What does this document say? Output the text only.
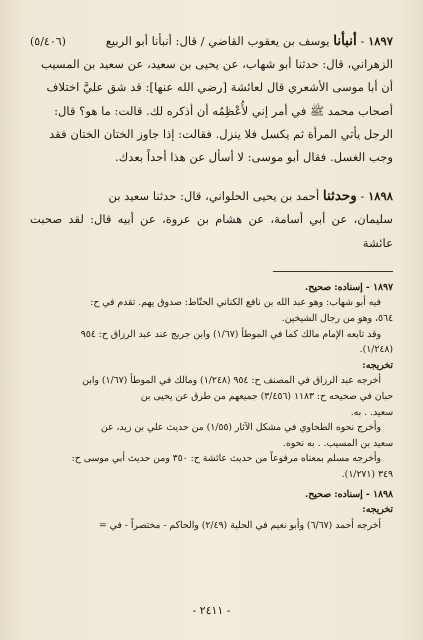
١٨٩٧ - أنبأنا يوسف بن يعقوب القاضي / قال: أنبأنا أبو الربيع
(٥/٤٠٦)

الزهراني، قال: حدثنا أبو شهاب، عن يحيى بن سعيد، عن سعيد بن المسيب

أن أبا موسى الأشعري قال لعائشة [رضي الله عنها]: قد شق عليَّ اختلاف

أصحاب محمد ﷺ في أمر إني لأُعْظِمُه أن أذكره لك. قالت: ما هو؟ قال:

الرجل يأتي المرأة ثم يكسل فلا ينزل. فقالت: إذا جاوز الختان الختان فقد

وجب الغسل. فقال أبو موسى: لا أسأل عن هذا أحداً بعدك.

١٨٩٨ - وحدثنا أحمد بن يحيى الحلواني، قال: حدثنا سعيد بن

سليمان، عن أبي أسامة، عن هشام بن عروة، عن أبيه قال: لقد صحبت عائشة

١٨٩٧ - إسناده: صحيح.

فيه أبو شهاب: وهو عبد الله بن نافع الكناني الحنّاط: صدوق يهم. تقدم في ح:

٥٦٤، وهو من رجال الشيخين.

وقد تابعه الإمام مالك كما في الموطأ (١/٦٧) وابن جريج عند عبد الرزاق ح: ٩٥٤

(١/٢٤٨).

تخريجه:

أخرجه عبد الرزاق في المصنف ح: ٩٥٤ (١/٢٤٨) ومالك في الموطأ (١/٦٧) وابن

حبان في صحيحه ح: ١١٨٣ (٣/٤٥٦) جميعهم من طرق عن يحيى بن

سعيد. . به.

وأخرج نحوه الطحاوي في مشكل الآثار (١/٥٥) من حديث علي بن زيد، عن

سعيد بن المسيب. . به نحوه.

وأخرجه مسلم بمعناه مرفوعاً من حديث عائشة ح: ٣٥٠ ومن حديث أبي موسى ح:

٣٤٩ (١/٢٧١).

١٨٩٨ - إسناده: صحيح.

تخريجه:

أخرجه أحمد (٦/٦٧) وأبو نعيم في الحلية (٢/٤٩) والحاكم - مختصراً - في =

- ٢٤١١ -
